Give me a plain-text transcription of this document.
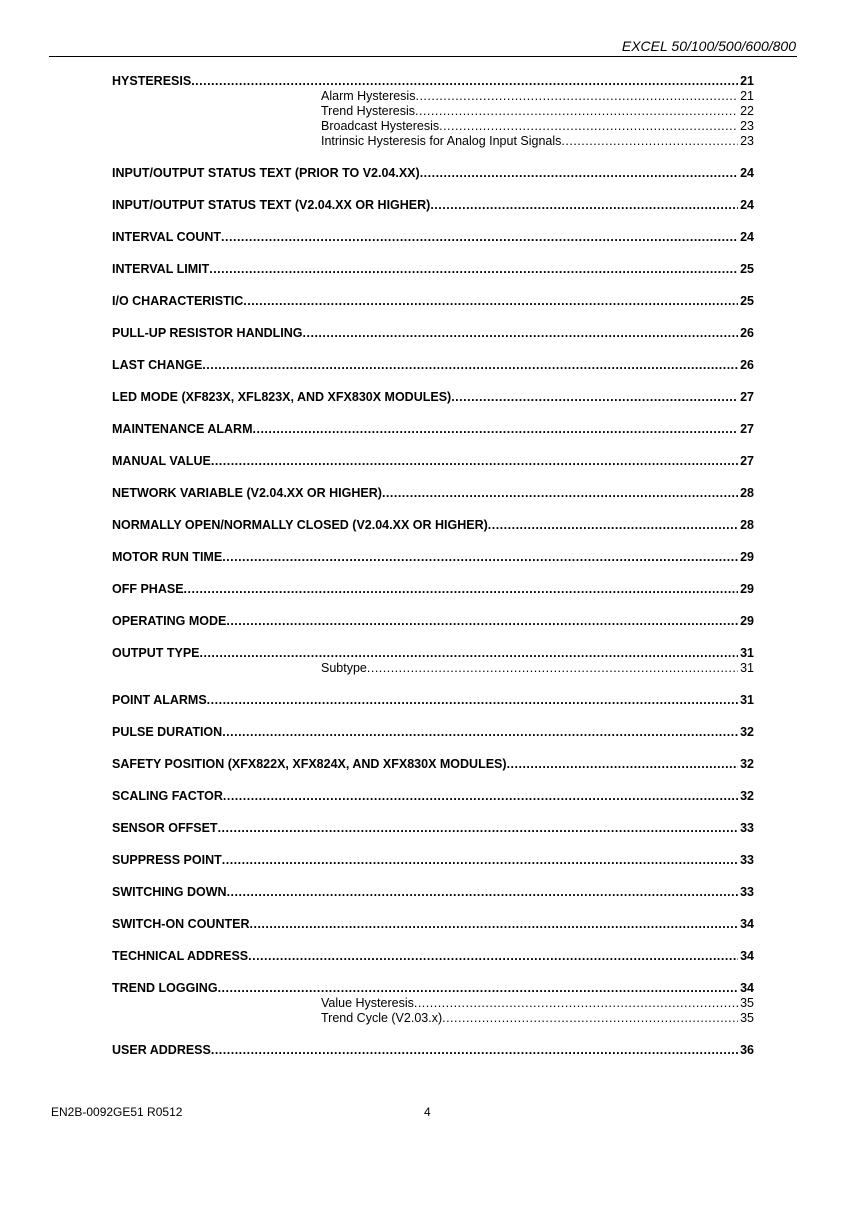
EXCEL 50/100/500/600/800
HYSTERESIS .....	21
Alarm Hysteresis .....	21
Trend Hysteresis .....	22
Broadcast Hysteresis .....	23
Intrinsic Hysteresis for Analog Input Signals .....	23
INPUT/OUTPUT STATUS TEXT (PRIOR TO V2.04.XX) .....	24
INPUT/OUTPUT STATUS TEXT (V2.04.XX OR HIGHER) .....	24
INTERVAL COUNT .....	24
INTERVAL LIMIT .....	25
I/O CHARACTERISTIC .....	25
PULL-UP RESISTOR HANDLING .....	26
LAST CHANGE .....	26
LED MODE (XF823X, XFL823X, AND XFX830X MODULES) .....	27
MAINTENANCE ALARM .....	27
MANUAL VALUE .....	27
NETWORK VARIABLE (V2.04.XX OR HIGHER) .....	28
NORMALLY OPEN/NORMALLY CLOSED (V2.04.XX OR HIGHER) .....	28
MOTOR RUN TIME .....	29
OFF PHASE .....	29
OPERATING MODE .....	29
OUTPUT TYPE .....	31
Subtype .....	31
POINT ALARMS .....	31
PULSE DURATION .....	32
SAFETY POSITION (XFX822X, XFX824X, AND XFX830X MODULES) .....	32
SCALING FACTOR .....	32
SENSOR OFFSET .....	33
SUPPRESS POINT .....	33
SWITCHING DOWN .....	33
SWITCH-ON COUNTER .....	34
TECHNICAL ADDRESS .....	34
TREND LOGGING .....	34
Value Hysteresis .....	35
Trend Cycle (V2.03.x) .....	35
USER ADDRESS .....	36
EN2B-0092GE51 R0512	4
